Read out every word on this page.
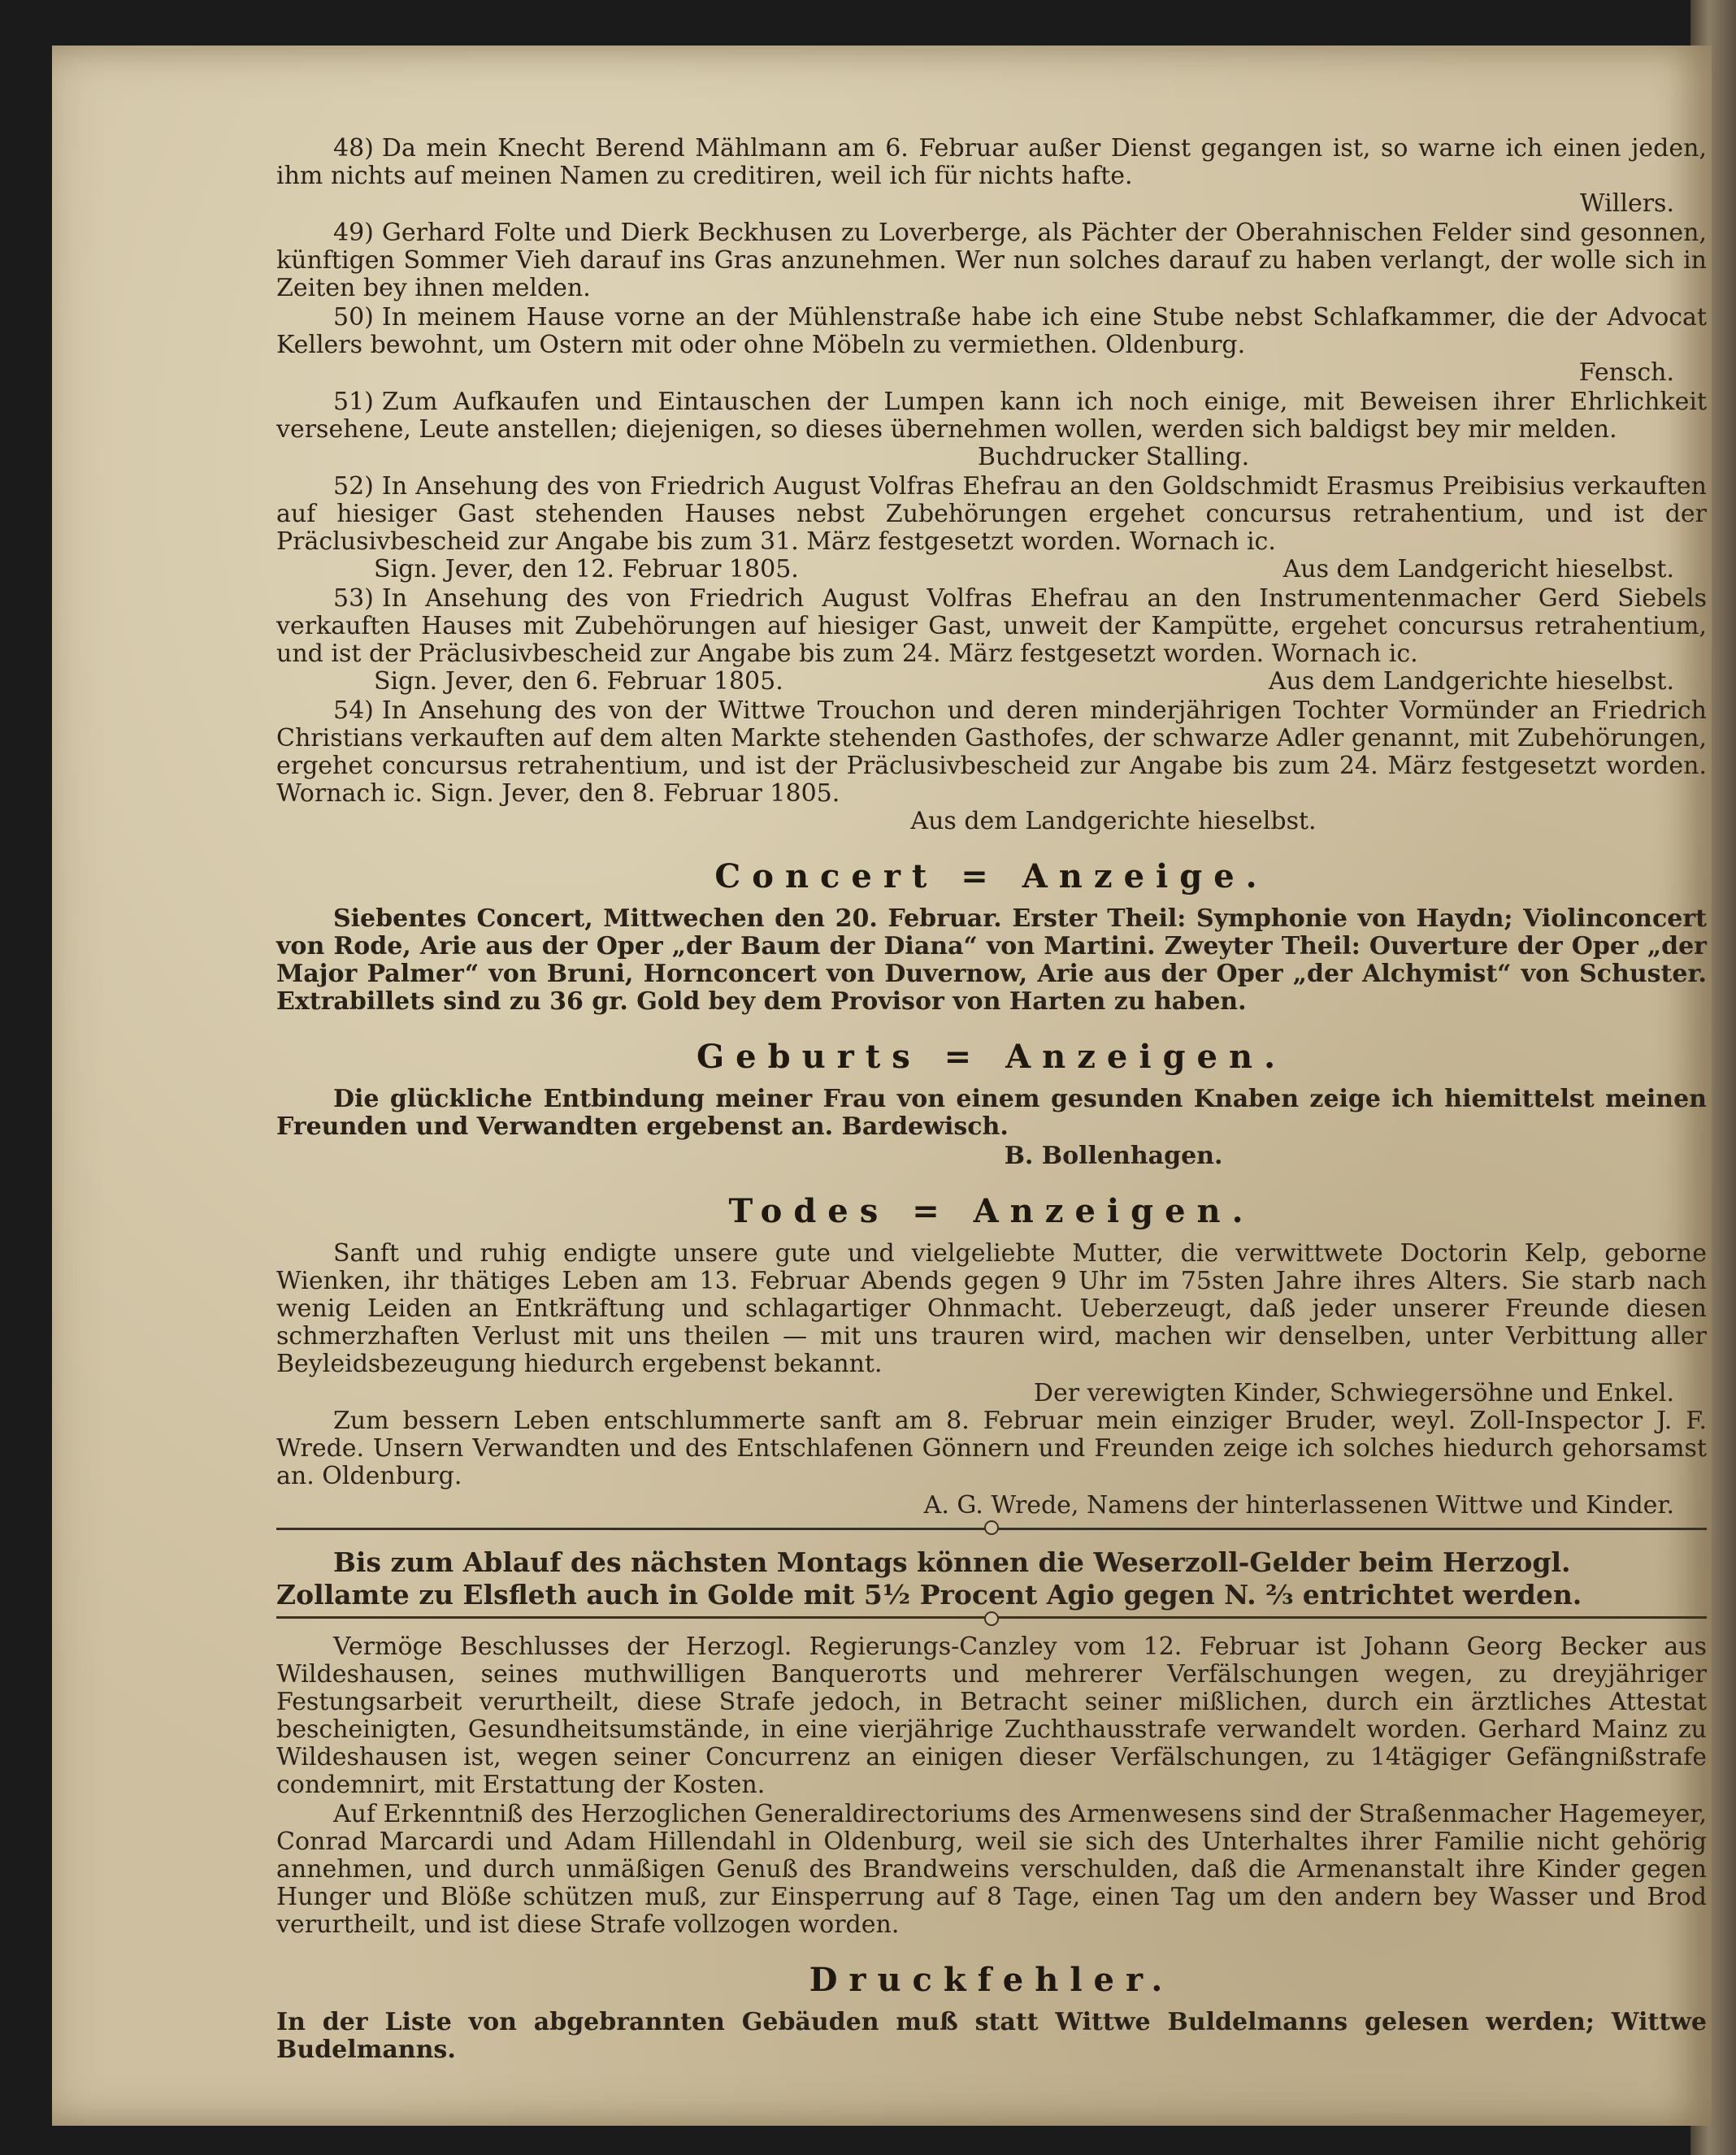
48) Da mein Knecht Berend Mählmann am 6. Februar außer Dienst gegangen ist, so warne ich einen jeden, ihm nichts auf meinen Namen zu creditiren, weil ich für nichts hafte.

Willers.

49) Gerhard Folte und Dierk Beckhusen zu Loverberge, als Pächter der Oberahnischen Felder sind gesonnen, künftigen Sommer Vieh darauf ins Gras anzunehmen. Wer nun solches darauf zu haben verlangt, der wolle sich in Zeiten bey ihnen melden.

50) In meinem Hause vorne an der Mühlenstraße habe ich eine Stube nebst Schlafkammer, die der Advocat Kellers bewohnt, um Ostern mit oder ohne Möbeln zu vermiethen. Oldenburg.

Fensch.

51) Zum Aufkaufen und Eintauschen der Lumpen kann ich noch einige, mit Beweisen ihrer Ehrlichkeit versehene, Leute anstellen; diejenigen, so dieses übernehmen wollen, werden sich baldigst bey mir melden.

Buchdrucker Stalling.

52) In Ansehung des von Friedrich August Volfras Ehefrau an den Goldschmidt Erasmus Preibisius verkauften auf hiesiger Gast stehenden Hauses nebst Zubehörungen ergehet concursus retrahentium, und ist der Präclusivbescheid zur Angabe bis zum 31. März festgesetzt worden. Wornach ic.

Sign. Jever, den 12. Februar 1805.	Aus dem Landgericht hieselbst.

53) In Ansehung des von Friedrich August Volfras Ehefrau an den Instrumentenmacher Gerd Siebels verkauften Hauses mit Zubehörungen auf hiesiger Gast, unweit der Kampütte, ergehet concursus retrahentium, und ist der Präclusivbescheid zur Angabe bis zum 24. März festgesetzt worden. Wornach ic.

Sign. Jever, den 6. Februar 1805.	Aus dem Landgerichte hieselbst.

54) In Ansehung des von der Wittwe Trouchon und deren minderjährigen Tochter Vormünder an Friedrich Christians verkauften auf dem alten Markte stehenden Gasthofes, der schwarze Adler genannt, mit Zubehörungen, ergehet concursus retrahentium, und ist der Präclusivbescheid zur Angabe bis zum 24. März festgesetzt worden. Wornach ic. Sign. Jever, den 8. Februar 1805.

Aus dem Landgerichte hieselbst.
Concert = Anzeige.

Siebentes Concert, Mittwechen den 20. Februar. Erster Theil: Symphonie von Haydn; Violinconcert von Rode, Arie aus der Oper „der Baum der Diana“ von Martini. Zweyter Theil: Ouverture der Oper „der Major Palmer“ von Bruni, Hornconcert von Duvernow, Arie aus der Oper „der Alchymist“ von Schuster. Extrabillets sind zu 36 gr. Gold bey dem Provisor von Harten zu haben.

Geburts = Anzeigen.

Die glückliche Entbindung meiner Frau von einem gesunden Knaben zeige ich hiemittelst meinen Freunden und Verwandten ergebenst an. Bardewisch.

B. Bollenhagen.
Todes = Anzeigen.

Sanft und ruhig endigte unsere gute und vielgeliebte Mutter, die verwittwete Doctorin Kelp, geborne Wienken, ihr thätiges Leben am 13. Februar Abends gegen 9 Uhr im 75sten Jahre ihres Alters. Sie starb nach wenig Leiden an Entkräftung und schlagartiger Ohnmacht. Ueberzeugt, daß jeder unserer Freunde diesen schmerzhaften Verlust mit uns theilen — mit uns trauren wird, machen wir denselben, unter Verbittung aller Beyleidsbezeugung hiedurch ergebenst bekannt.

Der verewigten Kinder, Schwiegersöhne und Enkel.

Zum bessern Leben entschlummerte sanft am 8. Februar mein einziger Bruder, weyl. Zoll-Inspector J. F. Wrede. Unsern Verwandten und des Entschlafenen Gönnern und Freunden zeige ich solches hiedurch gehorsamst an. Oldenburg.

A. G. Wrede, Namens der hinterlassenen Wittwe und Kinder.

Bis zum Ablauf des nächsten Montags können die Weserzoll-Gelder beim Herzogl. Zollamte zu Elsfleth auch in Golde mit 5½ Procent Agio gegen N. ⅔ entrichtet werden.

Vermöge Beschlusses der Herzogl. Regierungs-Canzley vom 12. Februar ist Johann Georg Becker aus Wildeshausen, seines muthwilligen Banqueroтts und mehrerer Verfälschungen wegen, zu dreyjähriger Festungsarbeit verurtheilt, diese Strafe jedoch, in Betracht seiner mißlichen, durch ein ärztliches Attestat bescheinigten, Gesundheitsumstände, in eine vierjährige Zuchthausstrafe verwandelt worden. Gerhard Mainz zu Wildeshausen ist, wegen seiner Concurrenz an einigen dieser Verfälschungen, zu 14tägiger Gefängnißstrafe condemnirt, mit Erstattung der Kosten.

Auf Erkenntniß des Herzoglichen Generaldirectoriums des Armenwesens sind der Straßenmacher Hagemeyer, Conrad Marcardi und Adam Hillendahl in Oldenburg, weil sie sich des Unterhaltes ihrer Familie nicht gehörig annehmen, und durch unmäßigen Genuß des Brandweins verschulden, daß die Armenanstalt ihre Kinder gegen Hunger und Blöße schützen muß, zur Einsperrung auf 8 Tage, einen Tag um den andern bey Wasser und Brod verurtheilt, und ist diese Strafe vollzogen worden.

Druckfehler.

In der Liste von abgebrannten Gebäuden muß statt Wittwe Buldelmanns gelesen werden; Wittwe Budelmanns.
